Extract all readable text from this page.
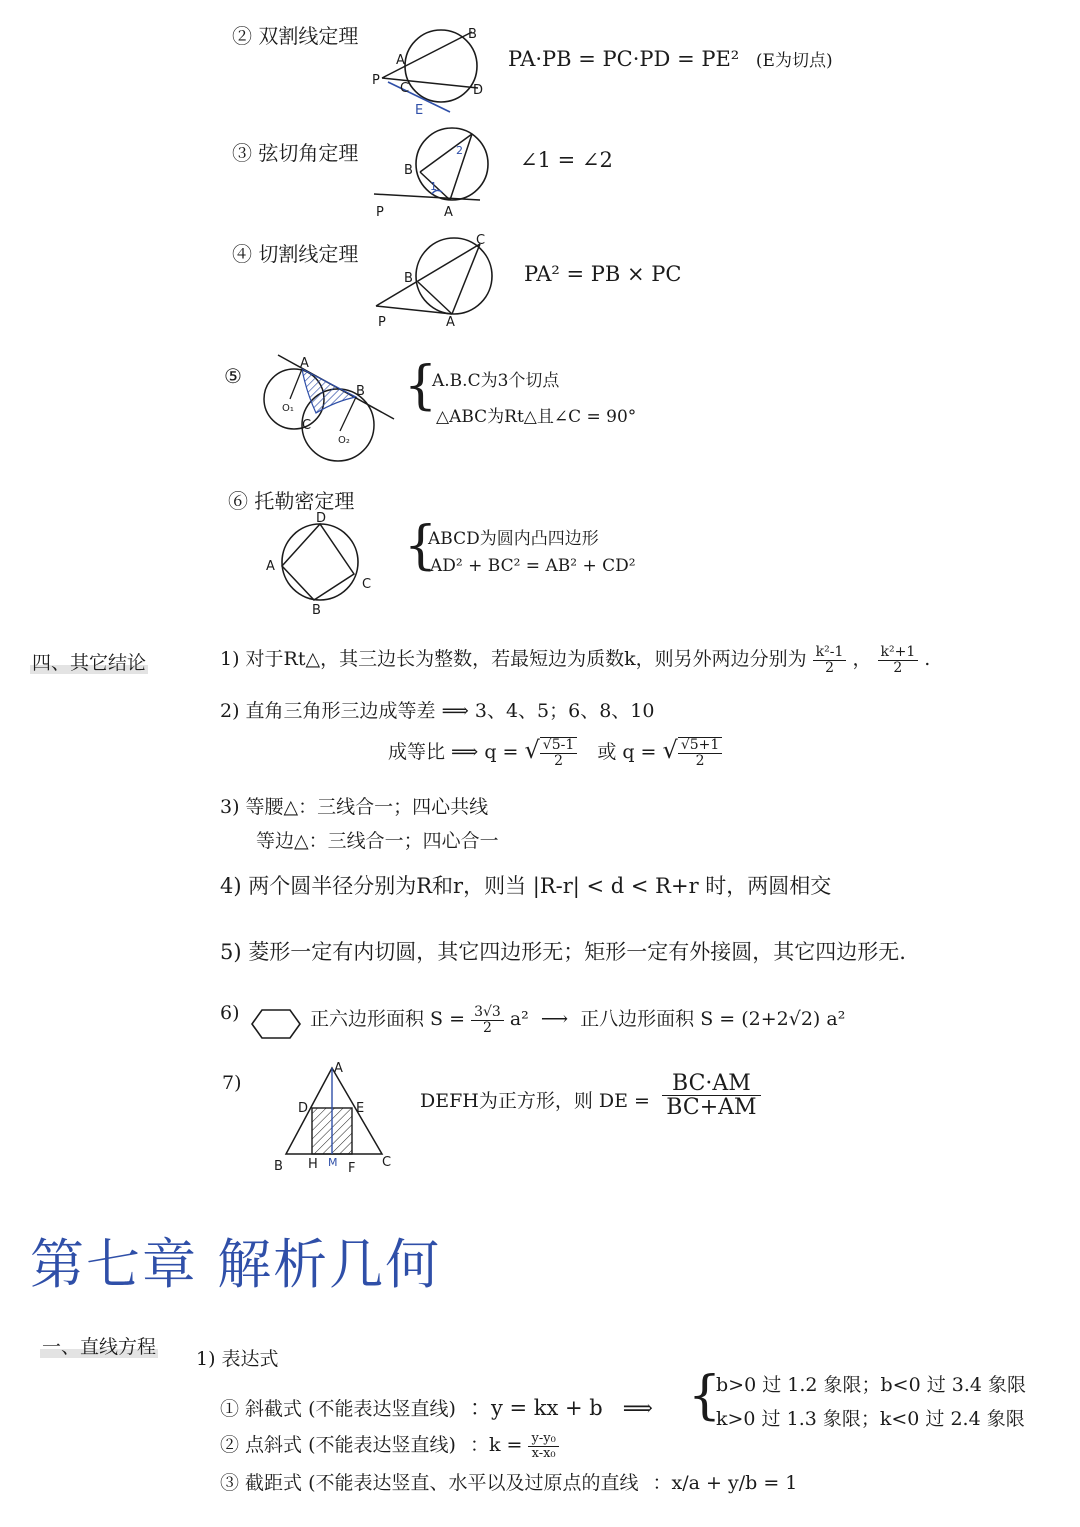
② 双割线定理
P
A
B
C	D
E
PA·PB = PC·PD = PE² (E为切点)
③ 弦切角定理
1
2
B
P	A
∠1 = ∠2
④ 切割线定理
B
C
P	A
PA² = PB × PC
⑤
A
B
C
O₁
O₂
{
A.B.C为3个切点
△ABC为Rt△且∠C = 90°
⑥ 托勒密定理
D
A
B
C
{
ABCD为圆内凸四边形
AD² + BC² = AB² + CD²
四、其它结论	1) 对于Rt△，其三边长为整数，若最短边为质数k，则另外两边分别为 $\frac{\text{k²-1}}{2}$ ， $\frac{\text{k²+1}}{2}$ .
2) 直角三角形三边成等差 ⟹ 3、4、5；6、8、10
成等比 ⟹ q = √ $\frac{√5-1}{2}$ 或 q = √ $\frac{√5+1}{2}$
3) 等腰△：三线合一；四心共线
等边△：三线合一；四心合一
4) 两个圆半径分别为R和r，则当 |R-r| < d < R+r 时，两圆相交
5) 菱形一定有内切圆，其它四边形无；矩形一定有外接圆，其它四边形无.
6)	正六边形面积 $S = \frac{3√3}{2} a^2$ ⟶ 正八边形面积 S = (2+2√2) a²
7)
A
D	E
B H M F C
DEFH为正方形，则 DE = $\frac{BC\cdot AM}{BC+AM}$
第七章 解析几何
一、直线方程
1) 表达式
① 斜截式 (不能表达竖直线) ：y = kx + b ⟹ {
b>0 过 1.2 象限；b<0 过 3.4 象限
k>0 过 1.3 象限；k<0 过 2.4 象限
② 点斜式 (不能表达竖直线) ：$k = \frac{\text{y-y₀}}{\text{x-x₀}}$
③ 截距式 (不能表达竖直、水平以及过原点的直线 ：x/a + y/b = 1
